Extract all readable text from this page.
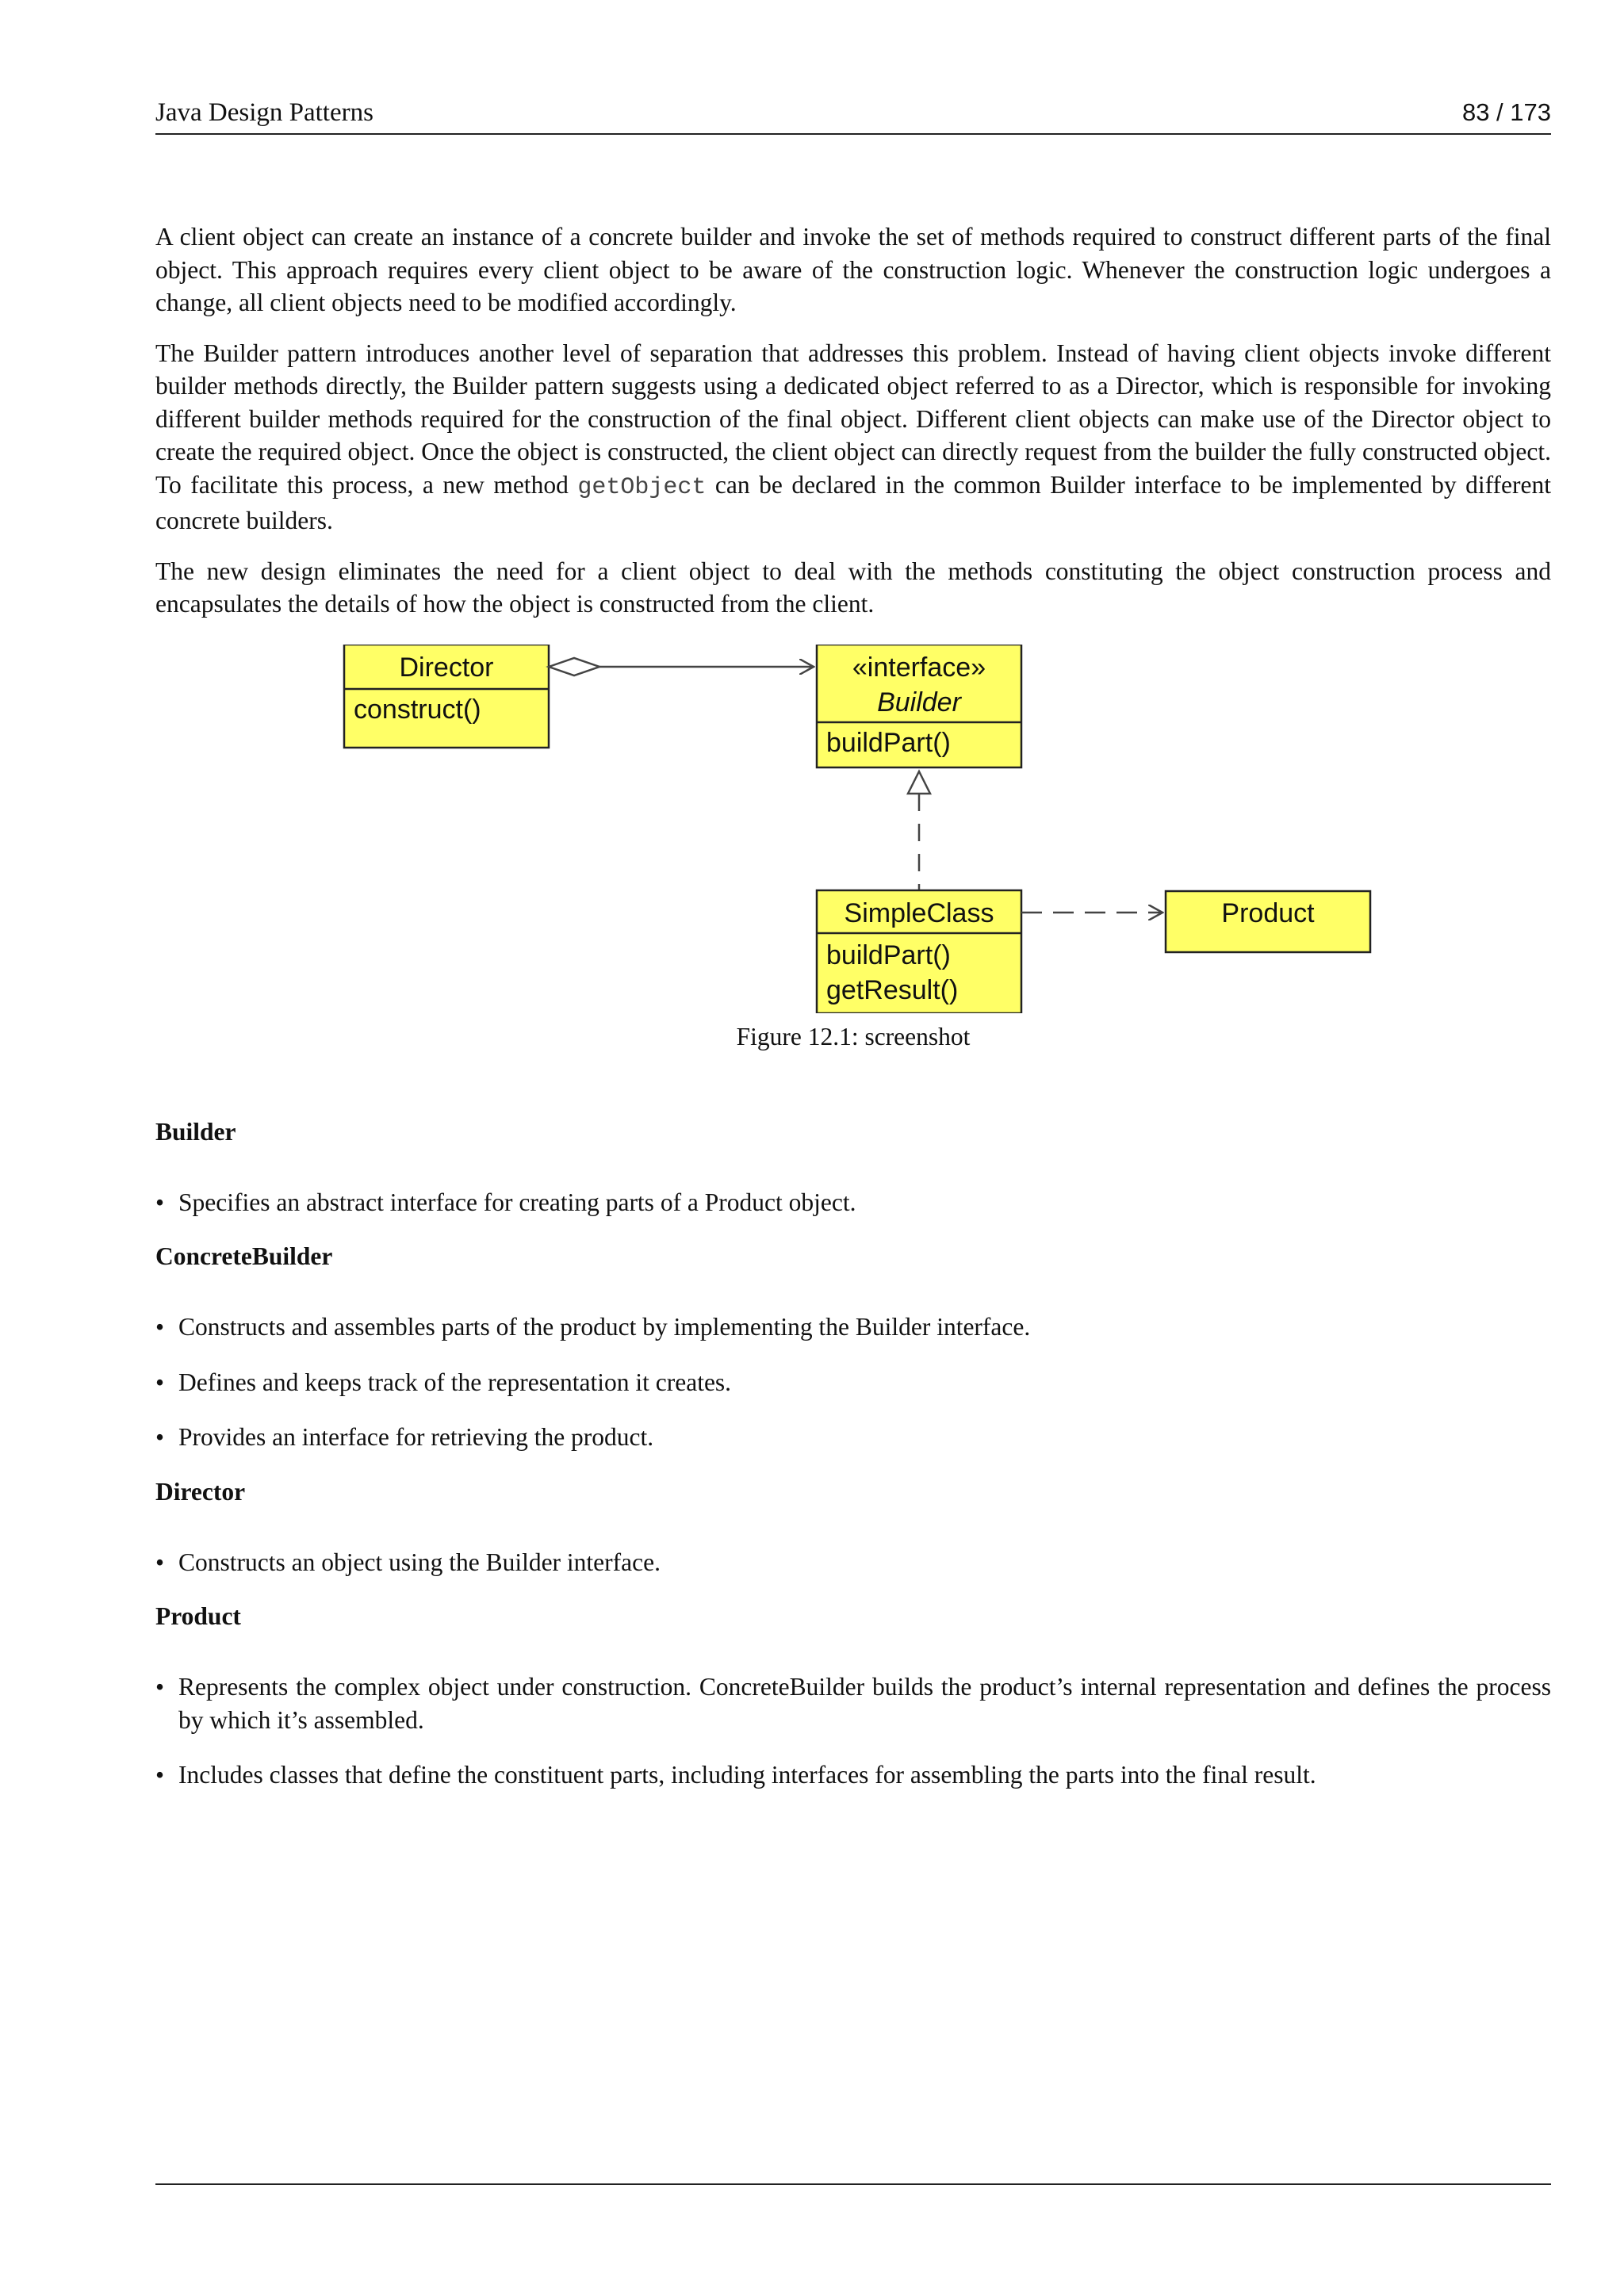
Java Design Patterns	83 / 173

A client object can create an instance of a concrete builder and invoke the set of methods required to construct different parts of the final object. This approach requires every client object to be aware of the construction logic. Whenever the construction logic undergoes a change, all client objects need to be modified accordingly.

The Builder pattern introduces another level of separation that addresses this problem. Instead of having client objects invoke different builder methods directly, the Builder pattern suggests using a dedicated object referred to as a Director, which is responsible for invoking different builder methods required for the construction of the final object. Different client objects can make use of the Director object to create the required object. Once the object is constructed, the client object can directly request from the builder the fully constructed object. To facilitate this process, a new method getObject can be declared in the common Builder interface to be implemented by different concrete builders.

The new design eliminates the need for a client object to deal with the methods constituting the object construction process and encapsulates the details of how the object is constructed from the client.

Director
construct()
«interface»
Builder
buildPart()
SimpleClass
buildPart()
getResult()
Product
Figure 12.1: screenshot
Builder
• Specifies an abstract interface for creating parts of a Product object.
ConcreteBuilder
• Constructs and assembles parts of the product by implementing the Builder interface.
• Defines and keeps track of the representation it creates.
• Provides an interface for retrieving the product.
Director
• Constructs an object using the Builder interface.
Product
• Represents the complex object under construction. ConcreteBuilder builds the product’s internal representation and defines the process by which it’s assembled.
• Includes classes that define the constituent parts, including interfaces for assembling the parts into the final result.
